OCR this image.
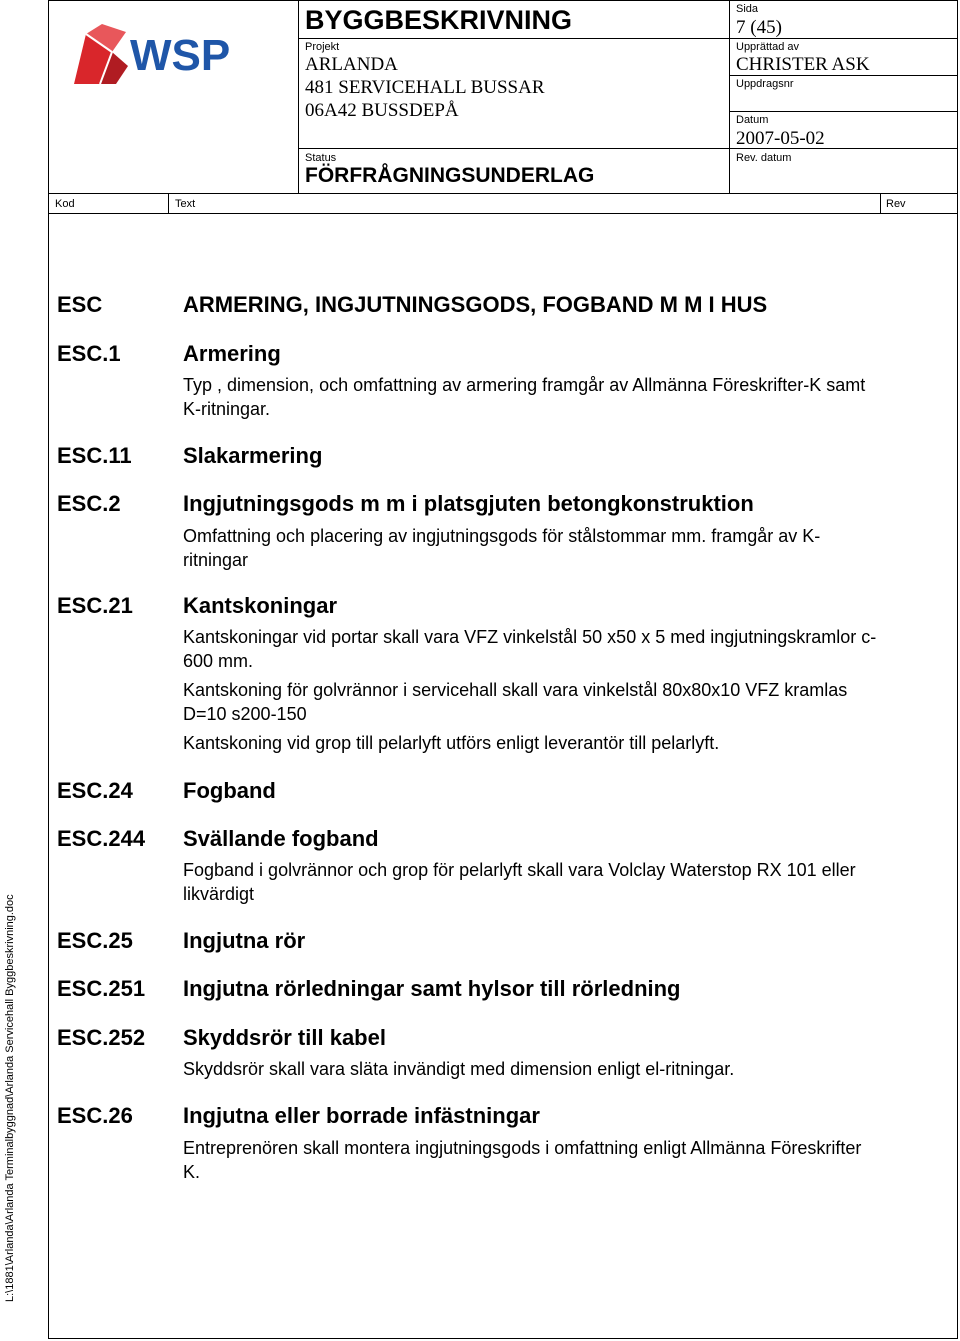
WSP
BYGGBESKRIVNING	Sida
7 (45)
Projekt
ARLANDA
481 SERVICEHALL BUSSAR
06A42 BUSSDEPÅ
Upprättad av
CHRISTER ASK
Uppdragsnr
Datum
2007-05-02
Status
FÖRFRÅGNINGSUNDERLAG
Rev. datum
Kod	Text	Rev
L:\1881\Arlanda\Arlanda Terminalbyggnad\Arlanda Servicehall Byggbeskrivning.doc
ESC	ARMERING, INGJUTNINGSGODS, FOGBAND M M I HUS
ESC.1	Armering

Typ , dimension, och omfattning av armering framgår av Allmänna Föreskrifter-K samt K-ritningar.

ESC.11 Slakarmering
ESC.2	Ingjutningsgods m m i platsgjuten betongkonstruktion

Omfattning och placering av ingjutningsgods för stålstommar mm. framgår av K-ritningar

ESC.21 Kantskoningar

Kantskoningar vid portar skall vara VFZ vinkelstål 50 x50 x 5 med ingjutningskramlor c-600 mm.

Kantskoning för golvrännor i servicehall skall vara vinkelstål 80x80x10 VFZ kramlas D=10 s200-150

Kantskoning vid grop till pelarlyft utförs enligt leverantör till pelarlyft.

ESC.24 Fogband
ESC.244 Svällande fogband

Fogband i golvrännor och grop för pelarlyft skall vara Volclay Waterstop RX 101 eller likvärdigt

ESC.25 Ingjutna rör
ESC.251 Ingjutna rörledningar samt hylsor till rörledning
ESC.252 Skyddsrör till kabel

Skyddsrör skall vara släta invändigt med dimension enligt el-ritningar.

ESC.26 Ingjutna eller borrade infästningar

Entreprenören skall montera ingjutningsgods i omfattning enligt Allmänna Föreskrifter K.
